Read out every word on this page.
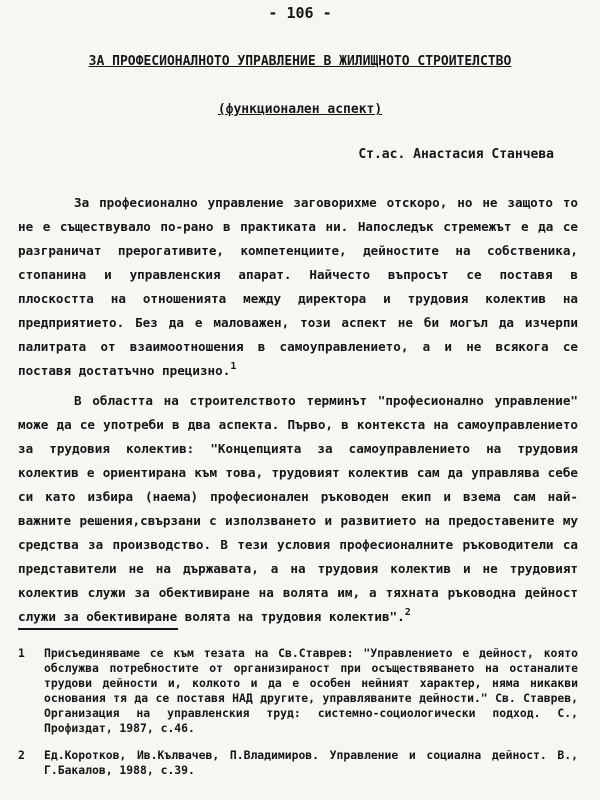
- 106 -
ЗА ПРОФЕСИОНАЛНОТО УПРАВЛЕНИЕ В ЖИЛИЩНОТО СТРОИТЕЛСТВО
(функционален аспект)
Ст.ас. Анастасия Станчева

За професионално управление заговорихме отскоро, но не защото то не е съществувало по-рано в практиката ни. Напоследък стремежът е да се разграничат прерогативите, компетенциите, дейностите на собственика, стопанина и управленския апарат. Найчесто въпросът се поставя в плоскостта на отношенията между директора и трудовия колектив на предприятието. Без да е маловажен, този аспект не би могъл да изчерпи палитрата от взаимоотношения в самоуправлението, а и не всякога се поставя достатъчно прецизно.$^1$

В областта на строителството терминът "професионално управление" може да се употреби в два аспекта. Първо, в контекста на самоуправлението за трудовия колектив: "Концепцията за самоуправлението на трудовия колектив е ориентирана към това, трудовият колектив сам да управлява себе си като избира (наема) професионален ръководен екип и взема сам най-важните решения,свързани с използването и развитието на предоставените му средства за производство. В тези условия професионалните ръководители са представители не на държавата, а на трудовия колектив и не трудовият колектив служи за обективиране на волята им, а тяхната ръководна дейност служи за обективиране волята на трудовия колектив".$^2$

1	Присъединяваме се към тезата на Св.Ставрев: "Управлението е дейност, която обслужва потребностите от организираност при осъществяването на останалите трудови дейности и, колкото и да е особен нейният характер, няма никакви основания тя да се поставя НАД другите, управляваните дейности." Св. Ставрев, Организация на управленския труд: системно-социологически подход. С., Профиздат, 1987, с.46.
2	Ед.Коротков, Ив.Кълвачев, П.Владимиров. Управление и социална дейност. В., Г.Бакалов, 1988, с.39.
